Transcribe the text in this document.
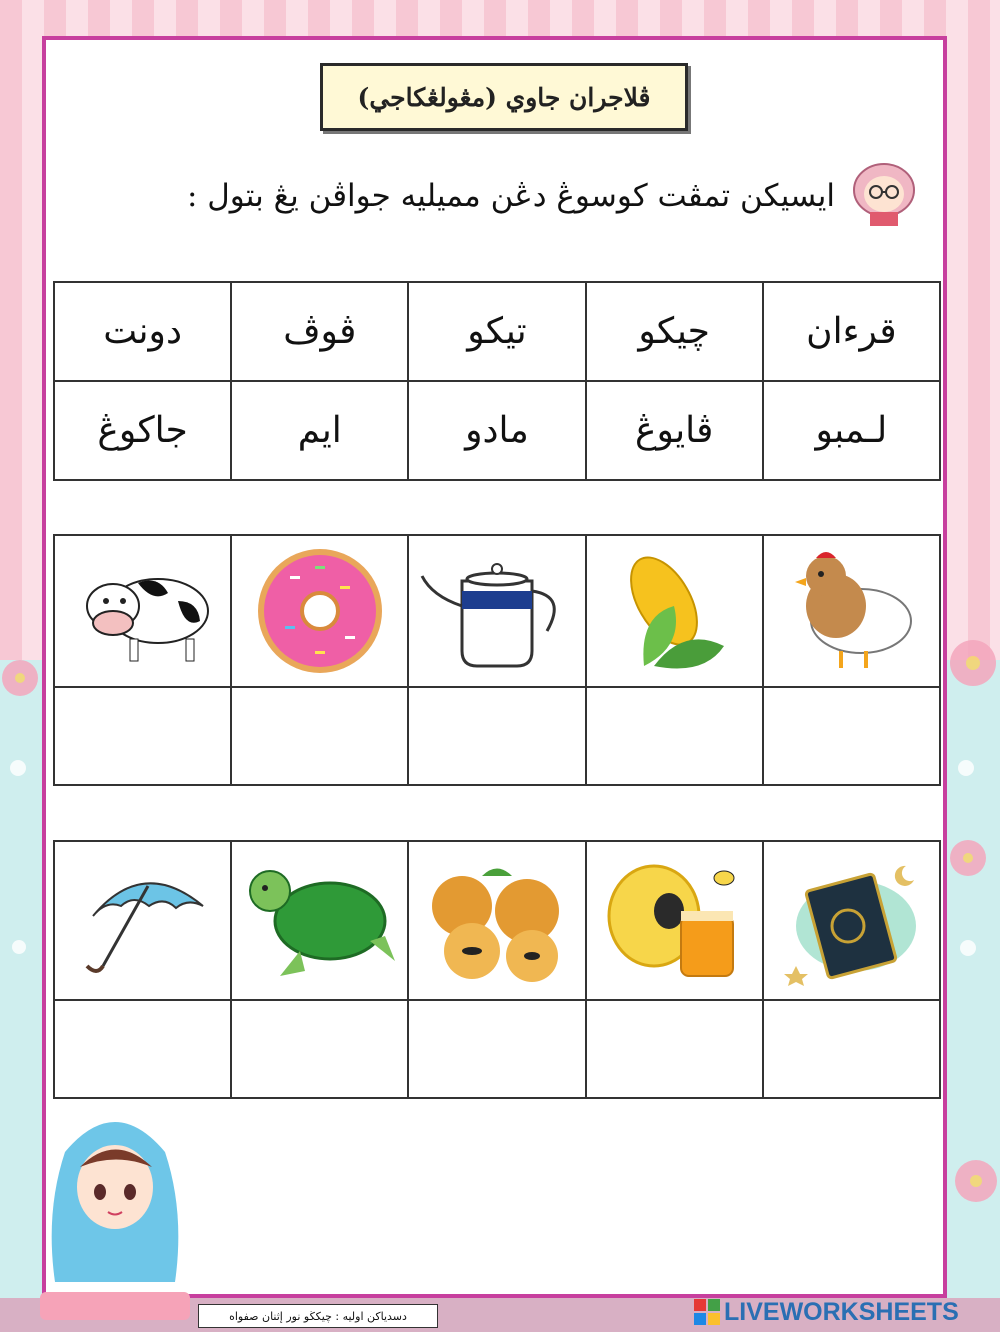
ڤلاجران جاوي (مڠولڠكاجي)
ايسيكن تمڤت كوسوڠ دڠن مميليه جواڤن يڠ بتول :
دونت	ڤوڤ	تيكو	چيكو	قرءان
جاكوڠ	ايم	مادو	ڤايوڠ	لـمبو

دسدياكن اوليه : چيكڬو نور إثنان صفواه	LIVEWORKSHEETS
